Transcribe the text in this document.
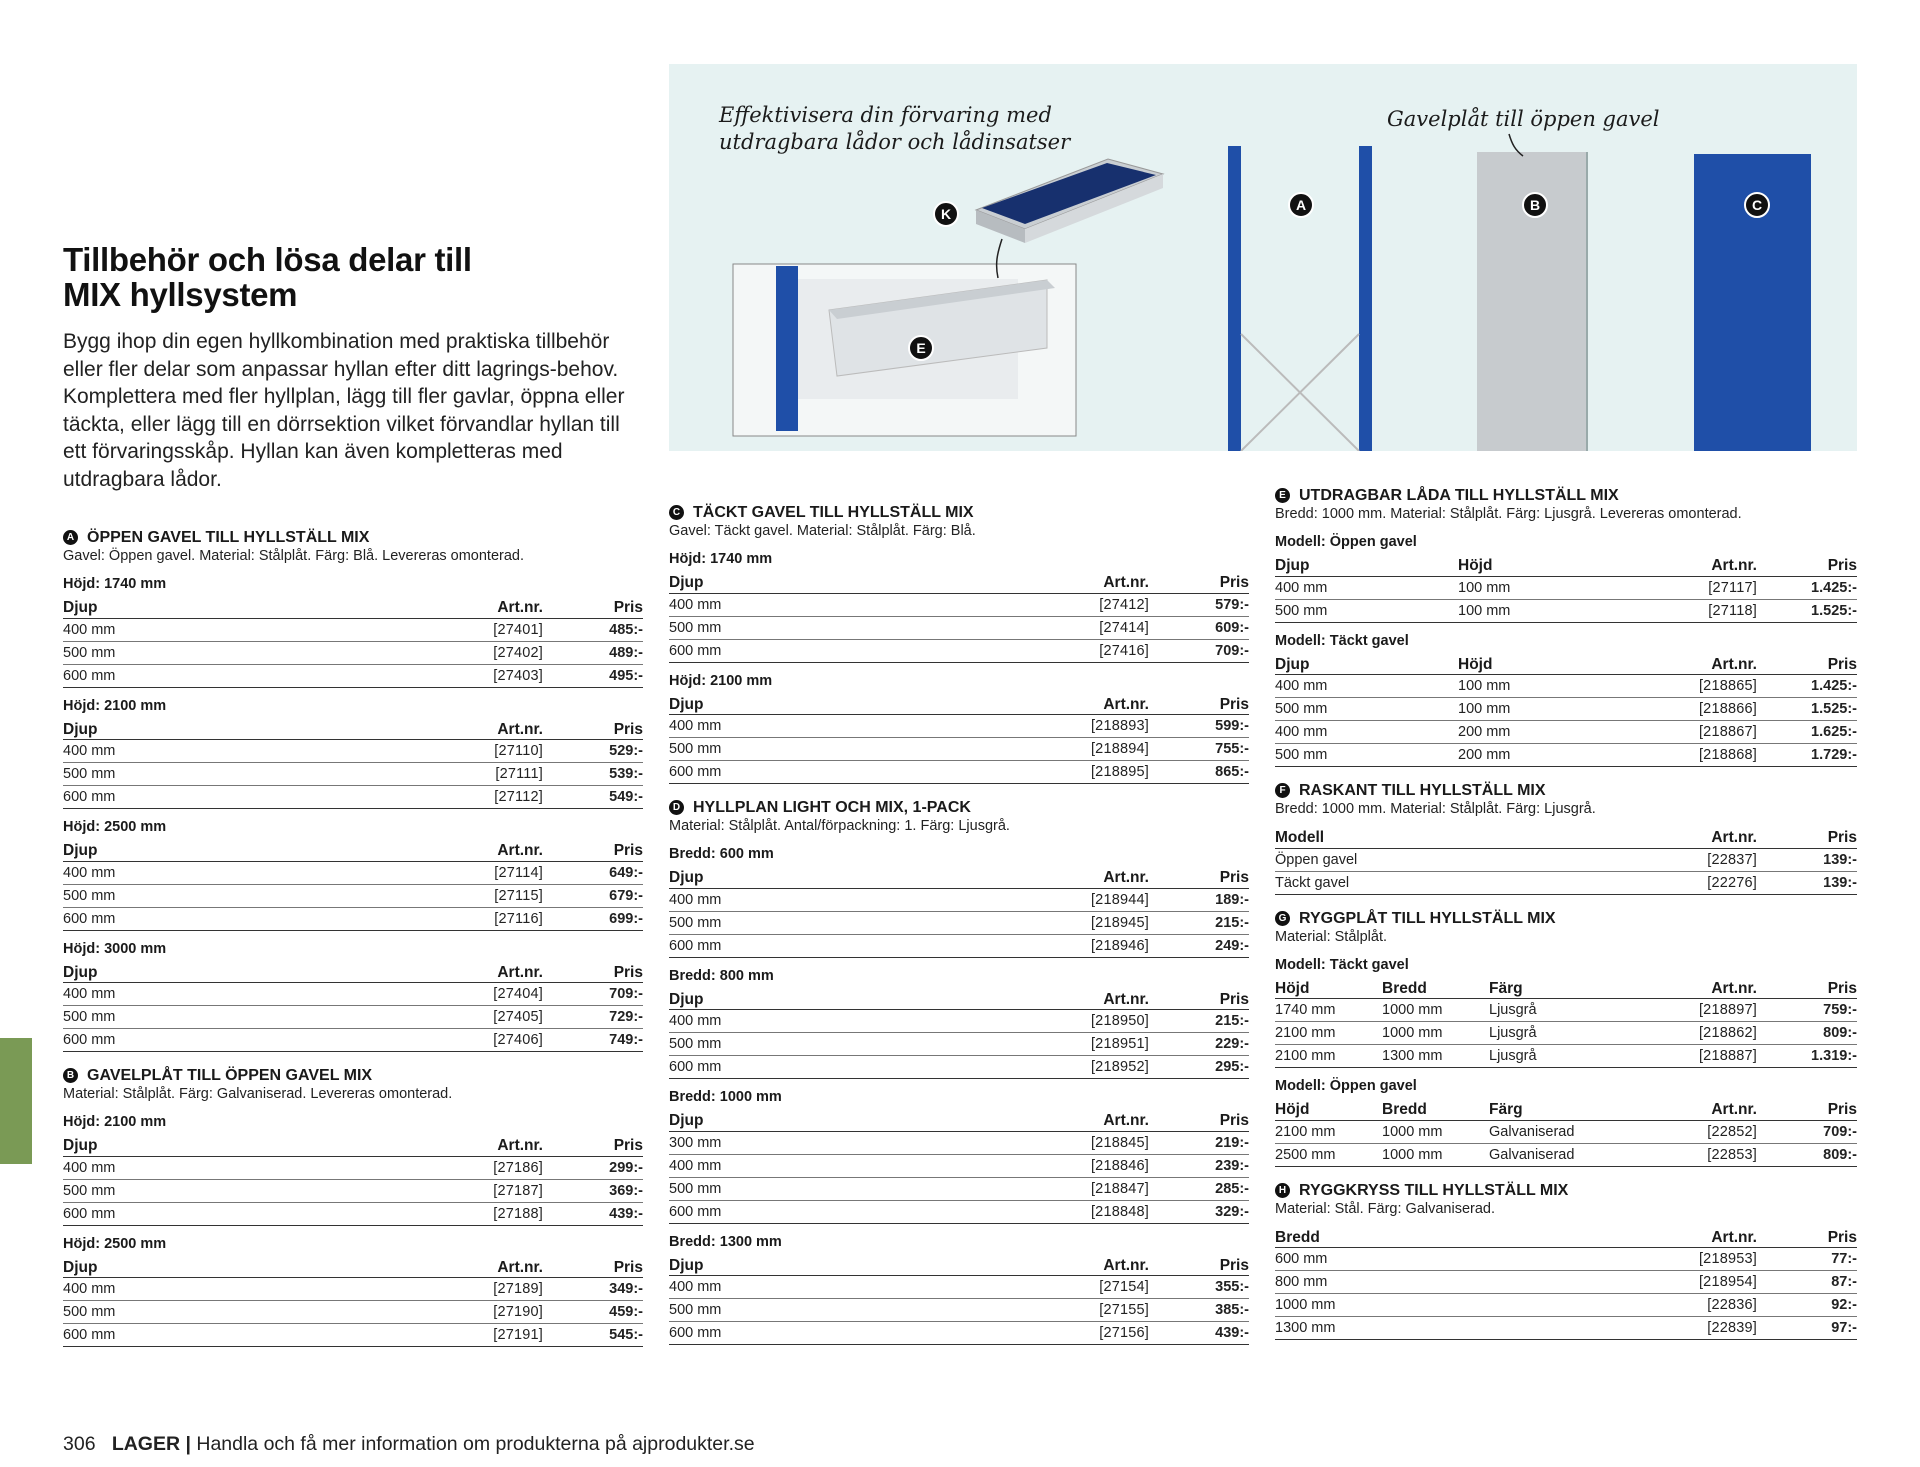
Tillbehör och lösa delar till
MIX hyllsystem

Bygg ihop din egen hyllkombination med praktiska tillbehör eller fler delar som anpassar hyllan efter ditt lagrings-behov. Komplettera med fler hyllplan, lägg till fler gavlar, öppna eller täckta, eller lägg till en dörrsektion vilket förvandlar hyllan till ett förvaringsskåp. Hyllan kan även kompletteras med utdragbara lådor.

Effektivisera din förvaring med
utdragbara lådor och lådinsatser
Gavelplåt till öppen gavel
K
E
A	B	C
A ÖPPEN GAVEL TILL HYLLSTÄLL MIX
Gavel: Öppen gavel. Material: Stålplåt. Färg: Blå. Levereras omonterad.
Höjd: 1740 mm
Djup	Art.nr.	Pris
400 mm	[27401]	485:-
500 mm	[27402]	489:-
600 mm	[27403]	495:-
Höjd: 2100 mm
Djup	Art.nr.	Pris
400 mm	[27110]	529:-
500 mm	[27111]	539:-
600 mm	[27112]	549:-
Höjd: 2500 mm
Djup	Art.nr.	Pris
400 mm	[27114]	649:-
500 mm	[27115]	679:-
600 mm	[27116]	699:-
Höjd: 3000 mm
Djup	Art.nr.	Pris
400 mm	[27404]	709:-
500 mm	[27405]	729:-
600 mm	[27406]	749:-
B GAVELPLÅT TILL ÖPPEN GAVEL MIX
Material: Stålplåt. Färg: Galvaniserad. Levereras omonterad.
Höjd: 2100 mm
Djup	Art.nr.	Pris
400 mm	[27186]	299:-
500 mm	[27187]	369:-
600 mm	[27188]	439:-
Höjd: 2500 mm
Djup	Art.nr.	Pris
400 mm	[27189]	349:-
500 mm	[27190]	459:-
600 mm	[27191]	545:-
C TÄCKT GAVEL TILL HYLLSTÄLL MIX
Gavel: Täckt gavel. Material: Stålplåt. Färg: Blå.
Höjd: 1740 mm
Djup	Art.nr.	Pris
400 mm	[27412]	579:-
500 mm	[27414]	609:-
600 mm	[27416]	709:-
Höjd: 2100 mm
Djup	Art.nr.	Pris
400 mm	[218893]	599:-
500 mm	[218894]	755:-
600 mm	[218895]	865:-
D HYLLPLAN LIGHT OCH MIX, 1-PACK
Material: Stålplåt. Antal/förpackning: 1. Färg: Ljusgrå.
Bredd: 600 mm
Djup	Art.nr.	Pris
400 mm	[218944]	189:-
500 mm	[218945]	215:-
600 mm	[218946]	249:-
Bredd: 800 mm
Djup	Art.nr.	Pris
400 mm	[218950]	215:-
500 mm	[218951]	229:-
600 mm	[218952]	295:-
Bredd: 1000 mm
Djup	Art.nr.	Pris
300 mm	[218845]	219:-
400 mm	[218846]	239:-
500 mm	[218847]	285:-
600 mm	[218848]	329:-
Bredd: 1300 mm
Djup	Art.nr.	Pris
400 mm	[27154]	355:-
500 mm	[27155]	385:-
600 mm	[27156]	439:-
E UTDRAGBAR LÅDA TILL HYLLSTÄLL MIX
Bredd: 1000 mm. Material: Stålplåt. Färg: Ljusgrå. Levereras omonterad.
Modell: Öppen gavel
Djup	Höjd	Art.nr.	Pris
400 mm	100 mm	[27117]	1.425:-
500 mm	100 mm	[27118]	1.525:-
Modell: Täckt gavel
Djup	Höjd	Art.nr.	Pris
400 mm	100 mm	[218865]	1.425:-
500 mm	100 mm	[218866]	1.525:-
400 mm	200 mm	[218867]	1.625:-
500 mm	200 mm	[218868]	1.729:-
F RASKANT TILL HYLLSTÄLL MIX
Bredd: 1000 mm. Material: Stålplåt. Färg: Ljusgrå.
Modell	Art.nr.	Pris
Öppen gavel	[22837]	139:-
Täckt gavel	[22276]	139:-
G RYGGPLÅT TILL HYLLSTÄLL MIX
Material: Stålplåt.
Modell: Täckt gavel
Höjd	Bredd	Färg	Art.nr.	Pris
1740 mm	1000 mm	Ljusgrå	[218897]	759:-
2100 mm	1000 mm	Ljusgrå	[218862]	809:-
2100 mm	1300 mm	Ljusgrå	[218887]	1.319:-
Modell: Öppen gavel
Höjd	Bredd	Färg	Art.nr.	Pris
2100 mm	1000 mm	Galvaniserad	[22852]	709:-
2500 mm	1000 mm	Galvaniserad	[22853]	809:-
H RYGGKRYSS TILL HYLLSTÄLL MIX
Material: Stål. Färg: Galvaniserad.
Bredd	Art.nr.	Pris
600 mm	[218953]	77:-
800 mm	[218954]	87:-
1000 mm	[22836]	92:-
1300 mm	[22839]	97:-
306 LAGER | Handla och få mer information om produkterna på ajprodukter.se
